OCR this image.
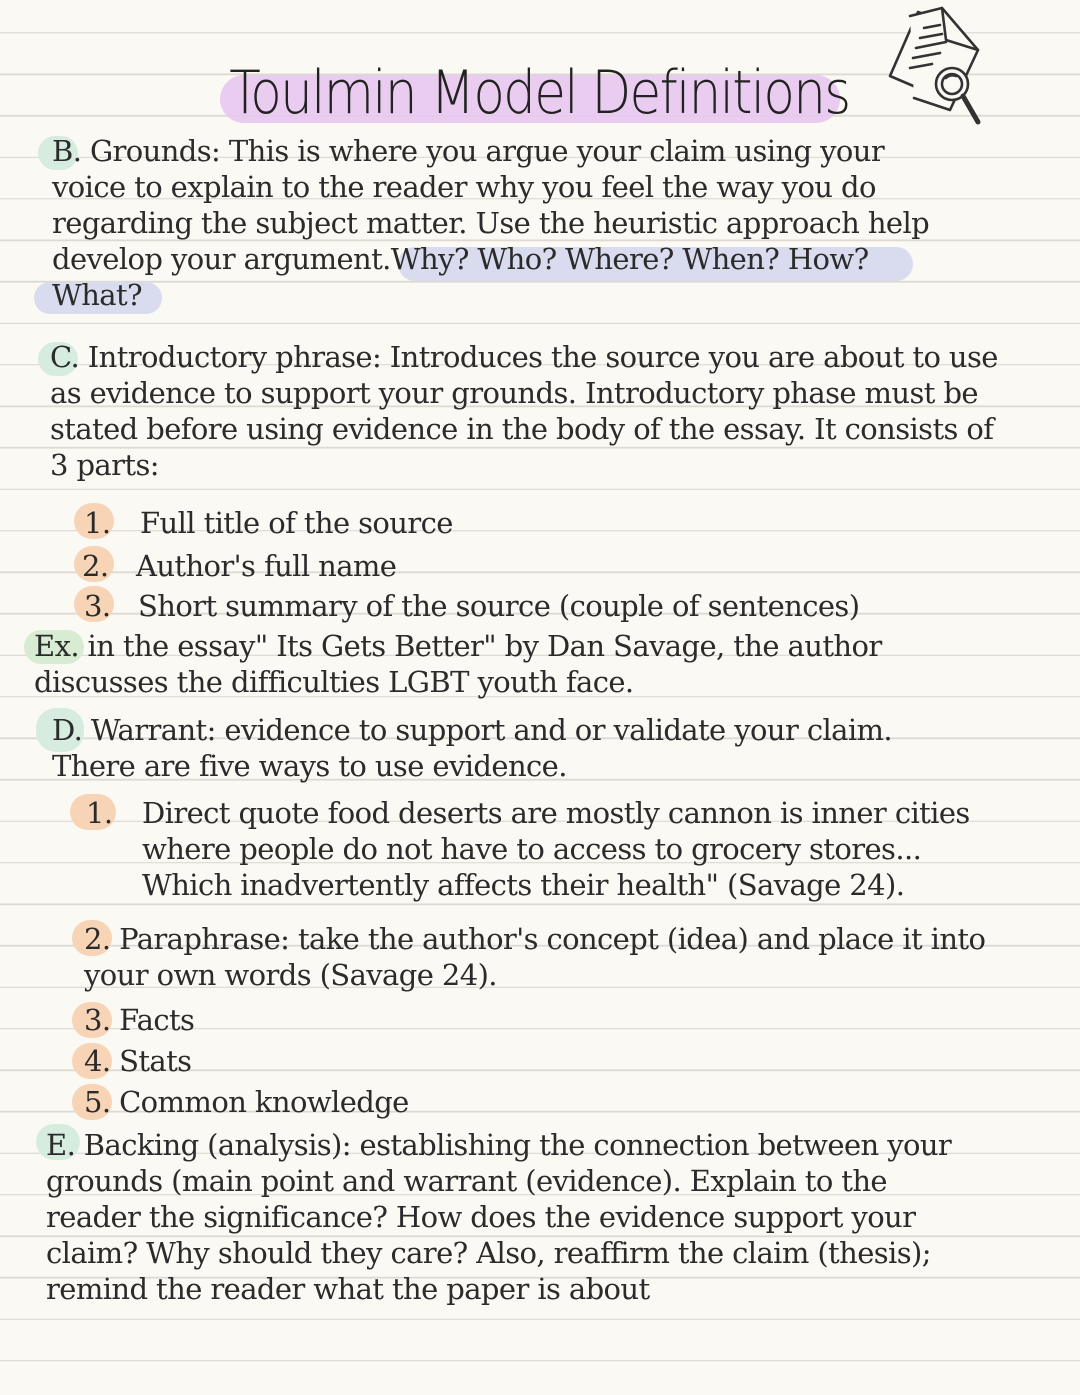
Toulmin Model Definitions
B. Grounds: This is where you argue your claim using your
voice to explain to the reader why you feel the way you do
regarding the subject matter. Use the heuristic approach help
develop your argument.Why? Who? Where? When? How?
What?
C. Introductory phrase: Introduces the source you are about to use
as evidence to support your grounds. Introductory phase must be
stated before using evidence in the body of the essay. It consists of
3 parts:
1. Full title of the source
2. Author's full name
3. Short summary of the source (couple of sentences)
Ex. in the essay" Its Gets Better" by Dan Savage, the author
discusses the difficulties LGBT youth face.
D. Warrant: evidence to support and or validate your claim.
There are five ways to use evidence.
1. Direct quote food deserts are mostly cannon is inner cities
where people do not have to access to grocery stores...
Which inadvertently affects their health" (Savage 24).
2. Paraphrase: take the author's concept (idea) and place it into
your own words (Savage 24).
3. Facts
4. Stats
5. Common knowledge
E. Backing (analysis): establishing the connection between your
grounds (main point and warrant (evidence). Explain to the
reader the significance? How does the evidence support your
claim? Why should they care? Also, reaffirm the claim (thesis);
remind the reader what the paper is about
